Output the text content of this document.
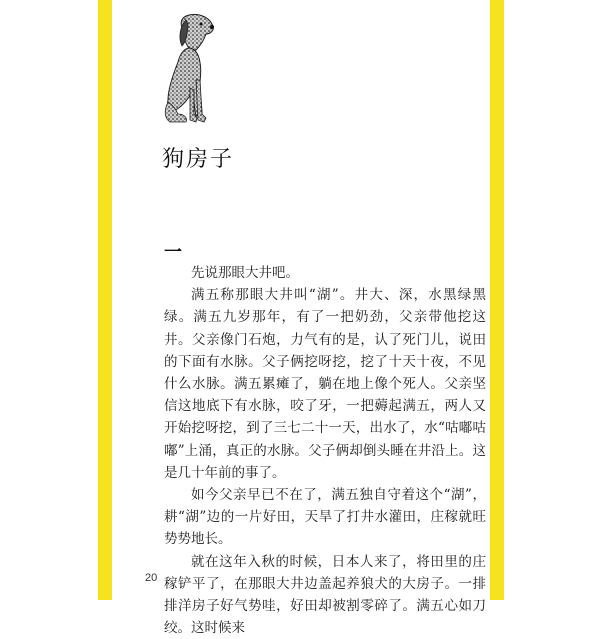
狗房子
一

先说那眼大井吧。

满五称那眼大井叫“湖”。井大、深，水黑绿黑绿。满五九岁那年，有了一把奶劲，父亲带他挖这井。父亲像门石炮，力气有的是，认了死门儿，说田的下面有水脉。父子俩挖呀挖，挖了十天十夜，不见什么水脉。满五累瘫了，躺在地上像个死人。父亲坚信这地底下有水脉，咬了牙，一把薅起满五，两人又开始挖呀挖，到了三七二十一天，出水了，水“咕嘟咕嘟”上涌，真正的水脉。父子俩却倒头睡在井沿上。这是几十年前的事了。

如今父亲早已不在了，满五独自守着这个“湖”，耕“湖”边的一片好田，天旱了打井水灌田，庄稼就旺势势地长。

就在这年入秋的时候，日本人来了，将田里的庄稼铲平了，在那眼大井边盖起养狼犬的大房子。一排排洋房子好气势哇，好田却被割零碎了。满五心如刀绞。这时候来

20
